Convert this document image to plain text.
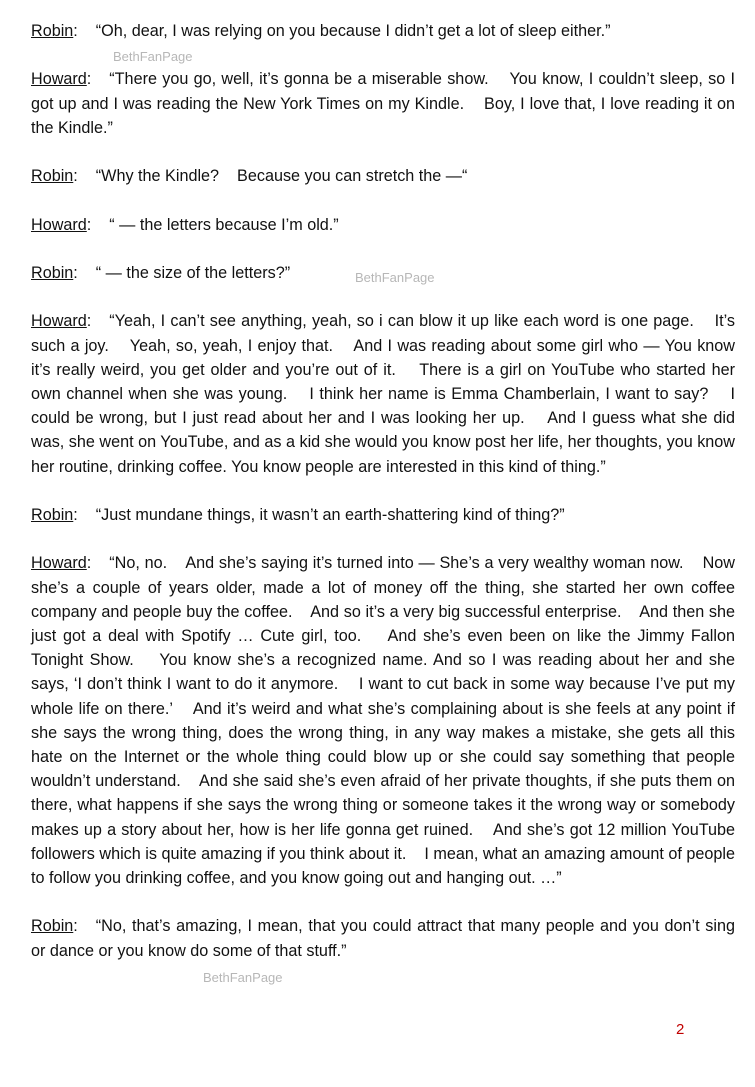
Robin: “Oh, dear, I was relying on you because I didn’t get a lot of sleep either.”

Howard: “There you go, well, it’s gonna be a miserable show.    You know, I couldn’t sleep, so I got up and I was reading the New York Times on my Kindle.    Boy, I love that, I love reading it on the Kindle.”

Robin: “Why the Kindle?    Because you can stretch the —“

Howard: “ — the letters because I’m old.”

Robin: “ — the size of the letters?”

Howard: “Yeah, I can’t see anything, yeah, so i can blow it up like each word is one page.    It’s such a joy.    Yeah, so, yeah, I enjoy that.    And I was reading about some girl who — You know it’s really weird, you get older and you’re out of it.    There is a girl on YouTube who started her own channel when she was young.    I think her name is Emma Chamberlain, I want to say?    I could be wrong, but I just read about her and I was looking her up.    And I guess what she did was, she went on YouTube, and as a kid she would you know post her life, her thoughts, you know her routine, drinking coffee. You know people are interested in this kind of thing.”

Robin: “Just mundane things, it wasn’t an earth-shattering kind of thing?”

Howard: “No, no.    And she’s saying it’s turned into — She’s a very wealthy woman now.    Now she’s a couple of years older, made a lot of money off the thing, she started her own coffee company and people buy the coffee.    And so it’s a very big successful enterprise.    And then she just got a deal with Spotify … Cute girl, too.    And she’s even been on like the Jimmy Fallon Tonight Show.    You know she’s a recognized name. And so I was reading about her and she says, ‘I don’t think I want to do it anymore.    I want to cut back in some way because I’ve put my whole life on there.’    And it’s weird and what she’s complaining about is she feels at any point if she says the wrong thing, does the wrong thing, in any way makes a mistake, she gets all this hate on the Internet or the whole thing could blow up or she could say something that people wouldn’t understand.    And she said she’s even afraid of her private thoughts, if she puts them on there, what happens if she says the wrong thing or someone takes it the wrong way or somebody makes up a story about her, how is her life gonna get ruined.    And she’s got 12 million YouTube followers which is quite amazing if you think about it.    I mean, what an amazing amount of people to follow you drinking coffee, and you know going out and hanging out. …”

Robin: “No, that’s amazing, I mean, that you could attract that many people and you don’t sing or dance or you know do some of that stuff.”

BethFanPage
BethFanPage
BethFanPage
2
